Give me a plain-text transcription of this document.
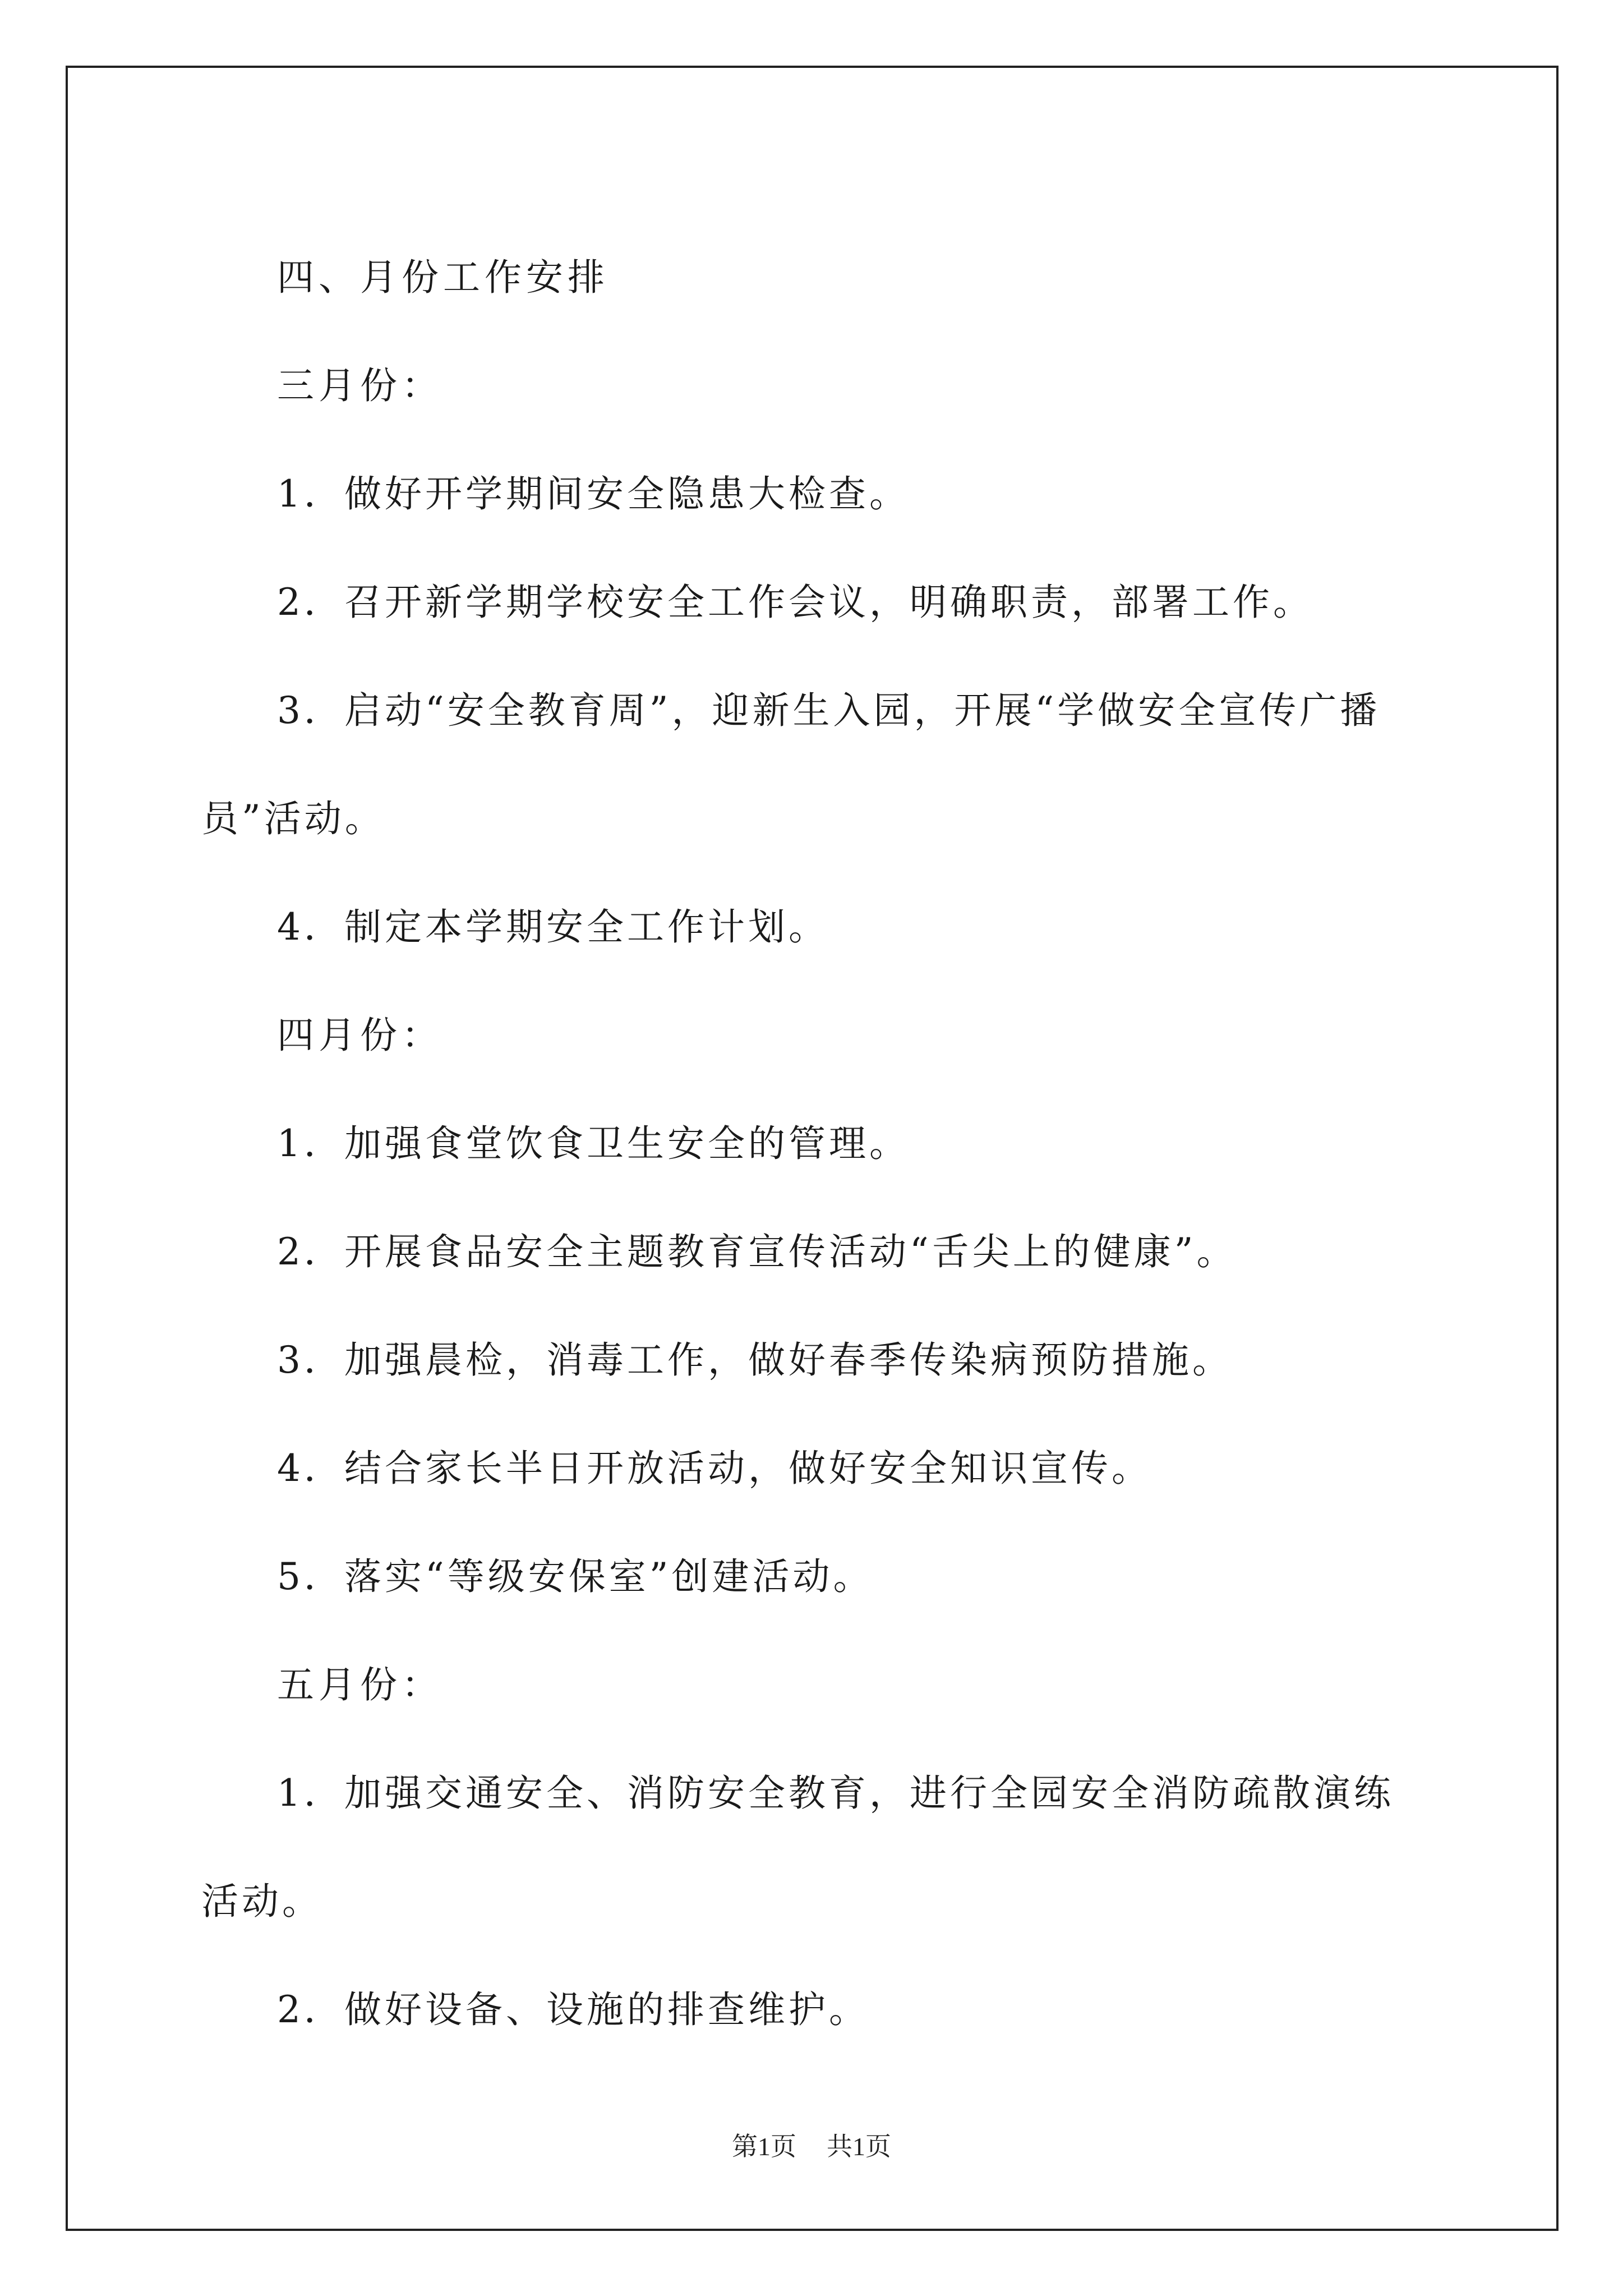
四、月份工作安排

三月份：

1．做好开学期间安全隐患大检查。

2．召开新学期学校安全工作会议，明确职责，部署工作。

3．启动“安全教育周”，迎新生入园，开展“学做安全宣传广播员”活动。

4．制定本学期安全工作计划。

四月份：

1．加强食堂饮食卫生安全的管理。

2．开展食品安全主题教育宣传活动“舌尖上的健康”。

3．加强晨检，消毒工作，做好春季传染病预防措施。

4．结合家长半日开放活动，做好安全知识宣传。

5．落实“等级安保室”创建活动。

五月份：

1．加强交通安全、消防安全教育，进行全园安全消防疏散演练活动。

2．做好设备、设施的排查维护。

第1页 共1页
